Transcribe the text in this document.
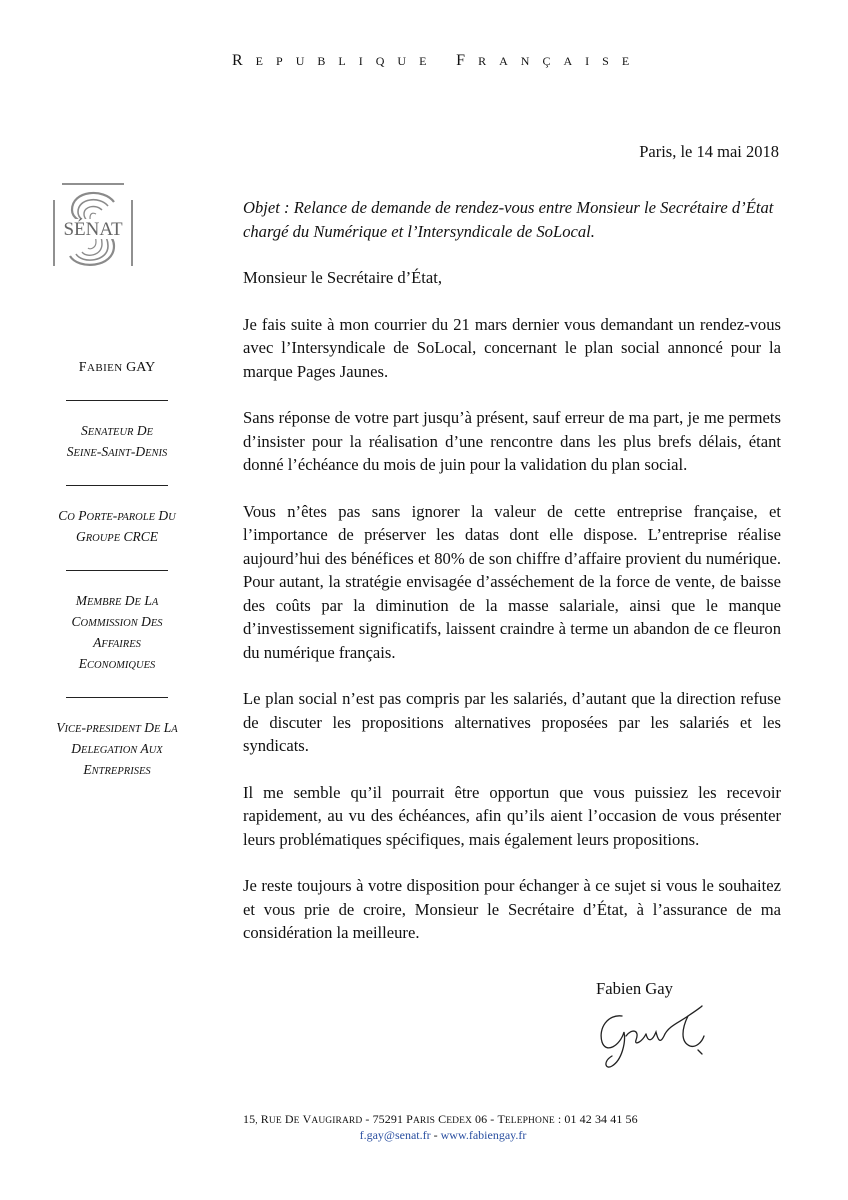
REPUBLIQUE FRANÇAISE
Paris, le 14 mai 2018
SÉNAT
FABIEN GAY
SENATEUR DE
SEINE-SAINT-DENIS
CO PORTE-PAROLE DU
GROUPE CRCE
MEMBRE DE LA
COMMISSION DES
AFFAIRES
ECONOMIQUES
VICE-PRESIDENT DE LA
DELEGATION AUX
ENTREPRISES

Objet : Relance de demande de rendez-vous entre Monsieur le Secrétaire d’État chargé du Numérique et l’Intersyndicale de SoLocal.

Monsieur le Secrétaire d’État,

Je fais suite à mon courrier du 21 mars dernier vous demandant un rendez-vous avec l’Intersyndicale de SoLocal, concernant le plan social annoncé pour la marque Pages Jaunes.

Sans réponse de votre part jusqu’à présent, sauf erreur de ma part, je me permets d’insister pour la réalisation d’une rencontre dans les plus brefs délais, étant donné l’échéance du mois de juin pour la validation du plan social.

Vous n’êtes pas sans ignorer la valeur de cette entreprise française, et l’importance de préserver les datas dont elle dispose. L’entreprise réalise aujourd’hui des bénéfices et 80% de son chiffre d’affaire provient du numérique. Pour autant, la stratégie envisagée d’asséchement de la force de vente, de baisse des coûts par la diminution de la masse salariale, ainsi que le manque d’investissement significatifs, laissent craindre à terme un abandon de ce fleuron du numérique français.

Le plan social n’est pas compris par les salariés, d’autant que la direction refuse de discuter les propositions alternatives proposées par les salariés et les syndicats.

Il me semble qu’il pourrait être opportun que vous puissiez les recevoir rapidement, au vu des échéances, afin qu’ils aient l’occasion de vous présenter leurs problématiques spécifiques, mais également leurs propositions.

Je reste toujours à votre disposition pour échanger à ce sujet si vous le souhaitez et vous prie de croire, Monsieur le Secrétaire d’État, à l’assurance de ma considération la meilleure.

Fabien Gay
15, RUE DE VAUGIRARD - 75291 PARIS CEDEX 06 - TELEPHONE : 01 42 34 41 56
f.gay@senat.fr - www.fabiengay.fr
